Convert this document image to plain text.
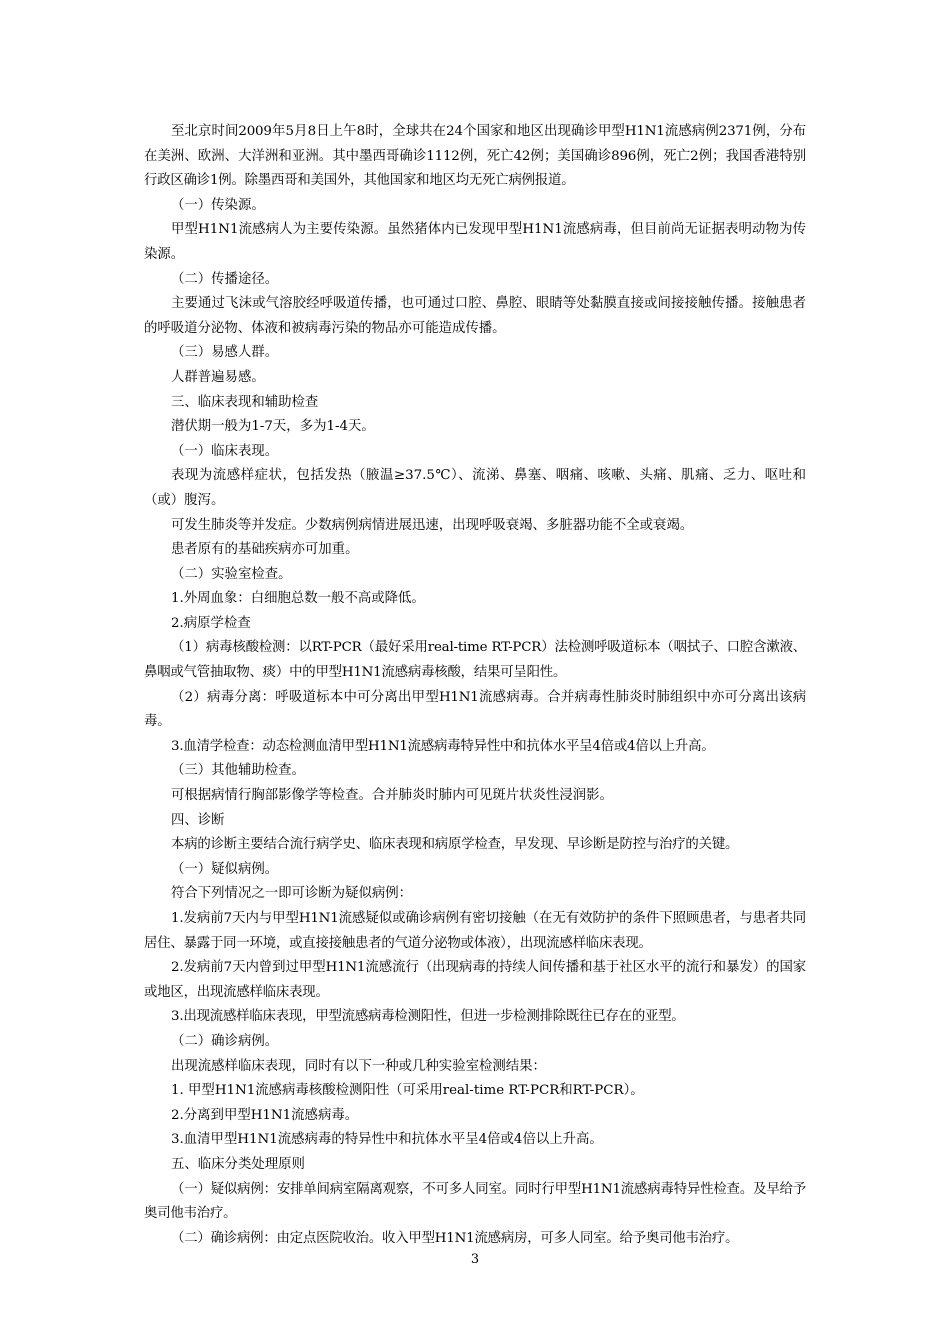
至北京时间2009年5月8日上午8时，全球共在24个国家和地区出现确诊甲型H1N1流感病例2371例，分布在美洲、欧洲、大洋洲和亚洲。其中墨西哥确诊1112例，死亡42例；美国确诊896例，死亡2例；我国香港特别行政区确诊1例。除墨西哥和美国外，其他国家和地区均无死亡病例报道。

（一）传染源。

甲型H1N1流感病人为主要传染源。虽然猪体内已发现甲型H1N1流感病毒，但目前尚无证据表明动物为传染源。

（二）传播途径。

主要通过飞沫或气溶胶经呼吸道传播，也可通过口腔、鼻腔、眼睛等处黏膜直接或间接接触传播。接触患者的呼吸道分泌物、体液和被病毒污染的物品亦可能造成传播。

（三）易感人群。

人群普遍易感。

三、临床表现和辅助检查

潜伏期一般为1-7天，多为1-4天。

（一）临床表现。

表现为流感样症状，包括发热（腋温≥37.5℃）、流涕、鼻塞、咽痛、咳嗽、头痛、肌痛、乏力、呕吐和（或）腹泻。

可发生肺炎等并发症。少数病例病情进展迅速，出现呼吸衰竭、多脏器功能不全或衰竭。

患者原有的基础疾病亦可加重。

（二）实验室检查。

1.外周血象：白细胞总数一般不高或降低。

2.病原学检查

（1）病毒核酸检测：以RT-PCR（最好采用real-time RT-PCR）法检测呼吸道标本（咽拭子、口腔含漱液、鼻咽或气管抽取物、痰）中的甲型H1N1流感病毒核酸，结果可呈阳性。

（2）病毒分离：呼吸道标本中可分离出甲型H1N1流感病毒。合并病毒性肺炎时肺组织中亦可分离出该病毒。

3.血清学检查：动态检测血清甲型H1N1流感病毒特异性中和抗体水平呈4倍或4倍以上升高。

（三）其他辅助检查。

可根据病情行胸部影像学等检查。合并肺炎时肺内可见斑片状炎性浸润影。

四、诊断

本病的诊断主要结合流行病学史、临床表现和病原学检查，早发现、早诊断是防控与治疗的关键。

（一）疑似病例。

符合下列情况之一即可诊断为疑似病例：

1.发病前7天内与甲型H1N1流感疑似或确诊病例有密切接触（在无有效防护的条件下照顾患者，与患者共同居住、暴露于同一环境，或直接接触患者的气道分泌物或体液），出现流感样临床表现。

2.发病前7天内曾到过甲型H1N1流感流行（出现病毒的持续人间传播和基于社区水平的流行和暴发）的国家或地区，出现流感样临床表现。

3.出现流感样临床表现，甲型流感病毒检测阳性，但进一步检测排除既往已存在的亚型。

（二）确诊病例。

出现流感样临床表现，同时有以下一种或几种实验室检测结果：

1. 甲型H1N1流感病毒核酸检测阳性（可采用real-time RT-PCR和RT-PCR）。

2.分离到甲型H1N1流感病毒。

3.血清甲型H1N1流感病毒的特异性中和抗体水平呈4倍或4倍以上升高。

五、临床分类处理原则

（一）疑似病例：安排单间病室隔离观察，不可多人同室。同时行甲型H1N1流感病毒特异性检查。及早给予奥司他韦治疗。

（二）确诊病例：由定点医院收治。收入甲型H1N1流感病房，可多人同室。给予奥司他韦治疗。

3
